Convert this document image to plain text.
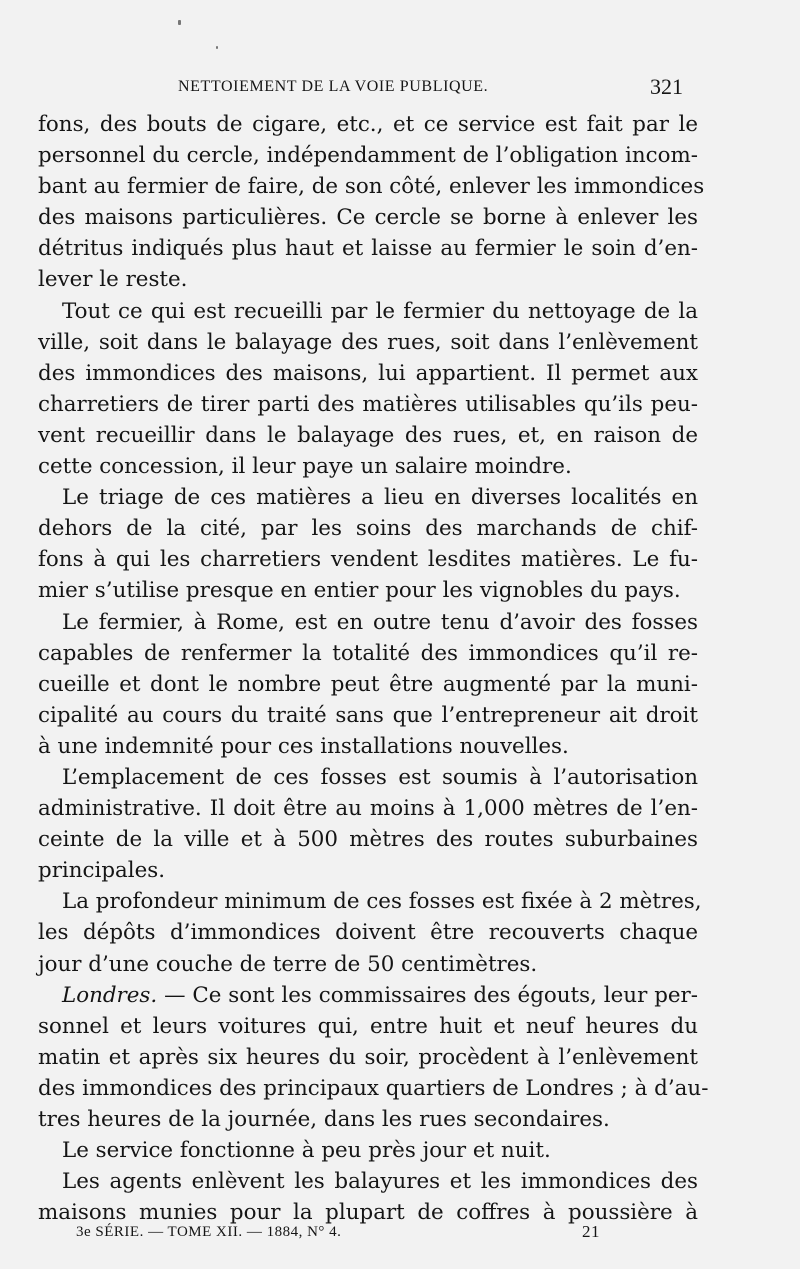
NETTOIEMENT DE LA VOIE PUBLIQUE.	321
fons, des bouts de cigare, etc., et ce service est fait par le
personnel du cercle, indépendamment de l’obligation incom-
bant au fermier de faire, de son côté, enlever les immondices
des maisons particulières. Ce cercle se borne à enlever les
détritus indiqués plus haut et laisse au fermier le soin d’en-
lever le reste.
Tout ce qui est recueilli par le fermier du nettoyage de la
ville, soit dans le balayage des rues, soit dans l’enlèvement
des immondices des maisons, lui appartient. Il permet aux
charretiers de tirer parti des matières utilisables qu’ils peu-
vent recueillir dans le balayage des rues, et, en raison de
cette concession, il leur paye un salaire moindre.
Le triage de ces matières a lieu en diverses localités en
dehors de la cité, par les soins des marchands de chif-
fons à qui les charretiers vendent lesdites matières. Le fu-
mier s’utilise presque en entier pour les vignobles du pays.
Le fermier, à Rome, est en outre tenu d’avoir des fosses
capables de renfermer la totalité des immondices qu’il re-
cueille et dont le nombre peut être augmenté par la muni-
cipalité au cours du traité sans que l’entrepreneur ait droit
à une indemnité pour ces installations nouvelles.
L’emplacement de ces fosses est soumis à l’autorisation
administrative. Il doit être au moins à 1,000 mètres de l’en-
ceinte de la ville et à 500 mètres des routes suburbaines
principales.
La profondeur minimum de ces fosses est fixée à 2 mètres,
les dépôts d’immondices doivent être recouverts chaque
jour d’une couche de terre de 50 centimètres.
Londres. — Ce sont les commissaires des égouts, leur per-
sonnel et leurs voitures qui, entre huit et neuf heures du
matin et après six heures du soir, procèdent à l’enlèvement
des immondices des principaux quartiers de Londres ; à d’au-
tres heures de la journée, dans les rues secondaires.
Le service fonctionne à peu près jour et nuit.
Les agents enlèvent les balayures et les immondices des
maisons munies pour la plupart de coffres à poussière à
3e SÉRIE. — TOME XII. — 1884, N° 4.	21
